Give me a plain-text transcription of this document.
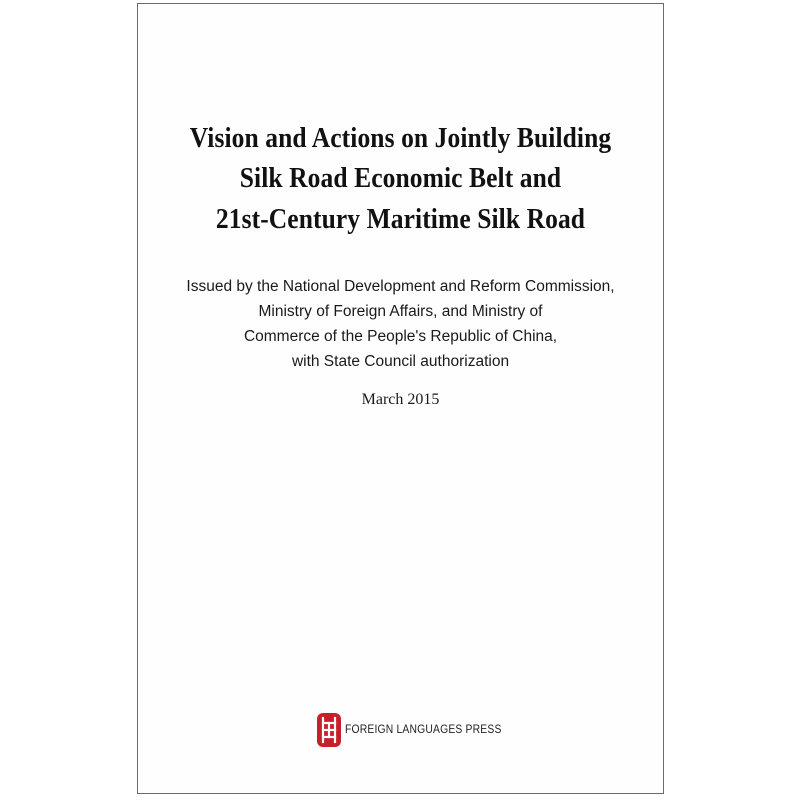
Vision and Actions on Jointly Building
Silk Road Economic Belt and
21st-Century Maritime Silk Road
Issued by the National Development and Reform Commission,
Ministry of Foreign Affairs, and Ministry of
Commerce of the People's Republic of China,
with State Council authorization
March 2015
FOREIGN LANGUAGES PRESS
